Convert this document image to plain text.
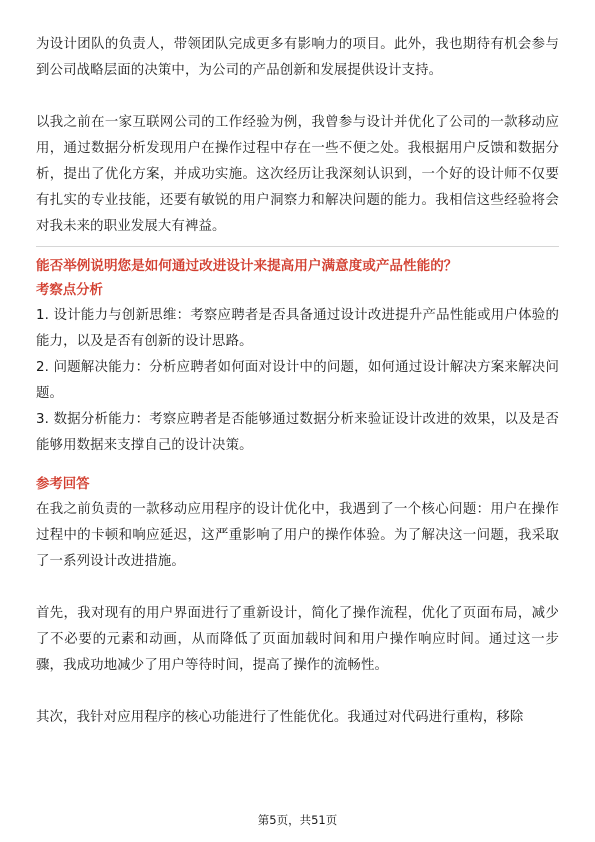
为设计团队的负责人，带领团队完成更多有影响力的项目。此外，我也期待有机会参与到公司战略层面的决策中，为公司的产品创新和发展提供设计支持。

以我之前在一家互联网公司的工作经验为例，我曾参与设计并优化了公司的一款移动应用，通过数据分析发现用户在操作过程中存在一些不便之处。我根据用户反馈和数据分析，提出了优化方案，并成功实施。这次经历让我深刻认识到，一个好的设计师不仅要有扎实的专业技能，还要有敏锐的用户洞察力和解决问题的能力。我相信这些经验将会对我未来的职业发展大有裨益。

能否举例说明您是如何通过改进设计来提高用户满意度或产品性能的？

考察点分析

1. 设计能力与创新思维：考察应聘者是否具备通过设计改进提升产品性能或用户体验的能力，以及是否有创新的设计思路。

2. 问题解决能力：分析应聘者如何面对设计中的问题，如何通过设计解决方案来解决问题。

3. 数据分析能力：考察应聘者是否能够通过数据分析来验证设计改进的效果，以及是否能够用数据来支撑自己的设计决策。

参考回答

在我之前负责的一款移动应用程序的设计优化中，我遇到了一个核心问题：用户在操作过程中的卡顿和响应延迟，这严重影响了用户的操作体验。为了解决这一问题，我采取了一系列设计改进措施。

首先，我对现有的用户界面进行了重新设计，简化了操作流程，优化了页面布局，减少了不必要的元素和动画，从而降低了页面加载时间和用户操作响应时间。通过这一步骤，我成功地减少了用户等待时间，提高了操作的流畅性。

其次，我针对应用程序的核心功能进行了性能优化。我通过对代码进行重构，移除

第5页，共51页
